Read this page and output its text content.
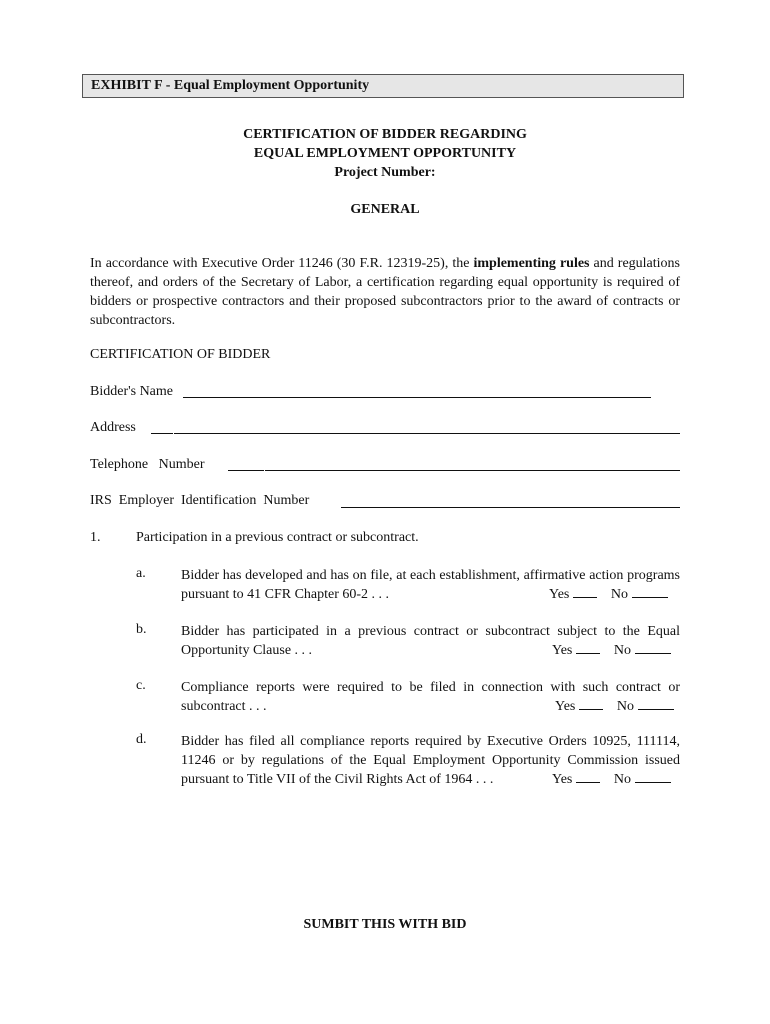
EXHIBIT F - Equal Employment Opportunity
CERTIFICATION OF BIDDER REGARDING
EQUAL EMPLOYMENT OPPORTUNITY
Project Number:
GENERAL
In accordance with Executive Order 11246 (30 F.R. 12319-25), the implementing rules and regulations thereof, and orders of the Secretary of Labor, a certification regarding equal opportunity is required of bidders or prospective contractors and their proposed subcontractors prior to the award of contracts or subcontractors.
CERTIFICATION OF BIDDER
Bidder's Name
Address
Telephone   Number
IRS  Employer  Identification  Number
1.	Participation in a previous contract or subcontract.
a.	Bidder has developed and has on file, at each establishment, affirmative action programs pursuant to 41 CFR Chapter 60-2 . . .	Yes	No
b. Bidder has participated in a previous contract or subcontract subject to the Equal Opportunity Clause . . .	Yes	No
c.	Compliance reports were required to be filed in connection with such contract or subcontract . . .	Yes	No
d. Bidder has filed all compliance reports required by Executive Orders 10925, 111114, 11246 or by regulations of the Equal Employment Opportunity Commission issued pursuant to Title VII of the Civil Rights Act of 1964 . . .	Yes	No
SUMBIT THIS WITH BID
